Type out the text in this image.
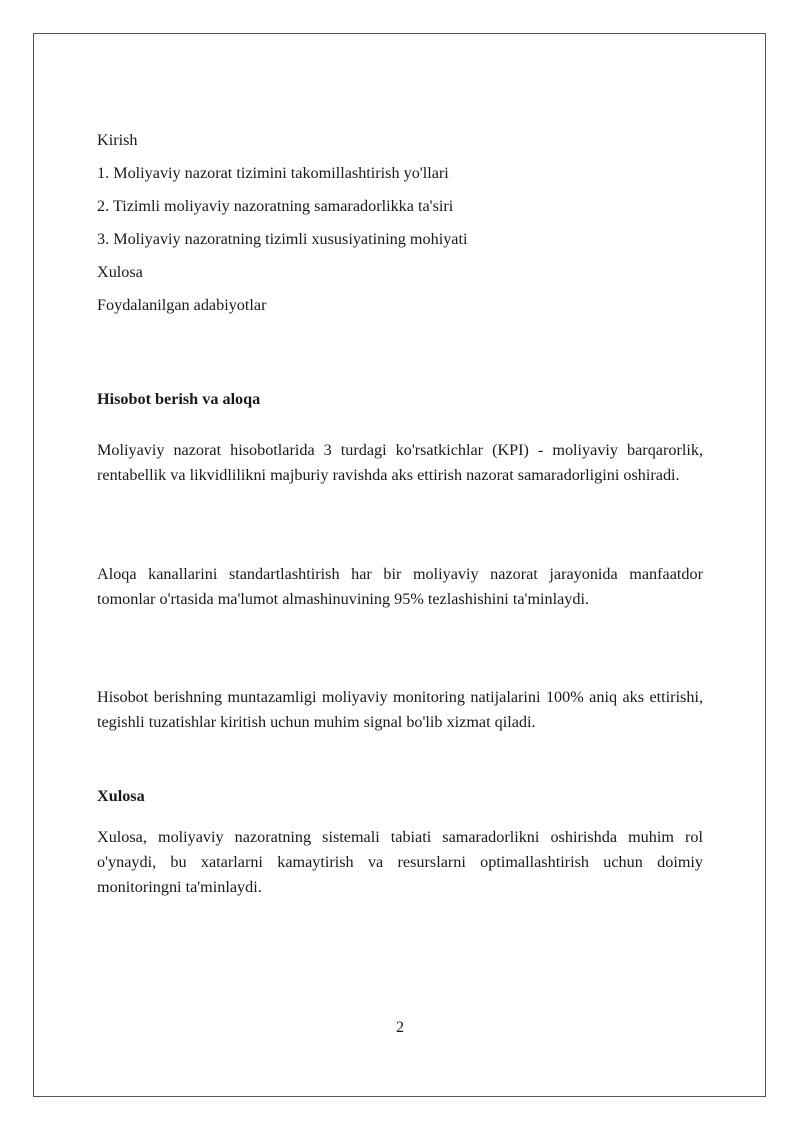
Kirish
1. Moliyaviy nazorat tizimini takomillashtirish yo'llari
2. Tizimli moliyaviy nazoratning samaradorlikka ta'siri
3. Moliyaviy nazoratning tizimli xususiyatining mohiyati
Xulosa
Foydalanilgan adabiyotlar
Hisobot berish va aloqa

Moliyaviy nazorat hisobotlarida 3 turdagi ko'rsatkichlar (KPI) - moliyaviy barqarorlik, rentabellik va likvidlilikni majburiy ravishda aks ettirish nazorat samaradorligini oshiradi.

Aloqa kanallarini standartlashtirish har bir moliyaviy nazorat jarayonida manfaatdor tomonlar o'rtasida ma'lumot almashinuvining 95% tezlashishini ta'minlaydi.

Hisobot berishning muntazamligi moliyaviy monitoring natijalarini 100% aniq aks ettirishi, tegishli tuzatishlar kiritish uchun muhim signal bo'lib xizmat qiladi.

Xulosa

Xulosa, moliyaviy nazoratning sistemali tabiati samaradorlikni oshirishda muhim rol o'ynaydi, bu xatarlarni kamaytirish va resurslarni optimallashtirish uchun doimiy monitoringni ta'minlaydi.

2
